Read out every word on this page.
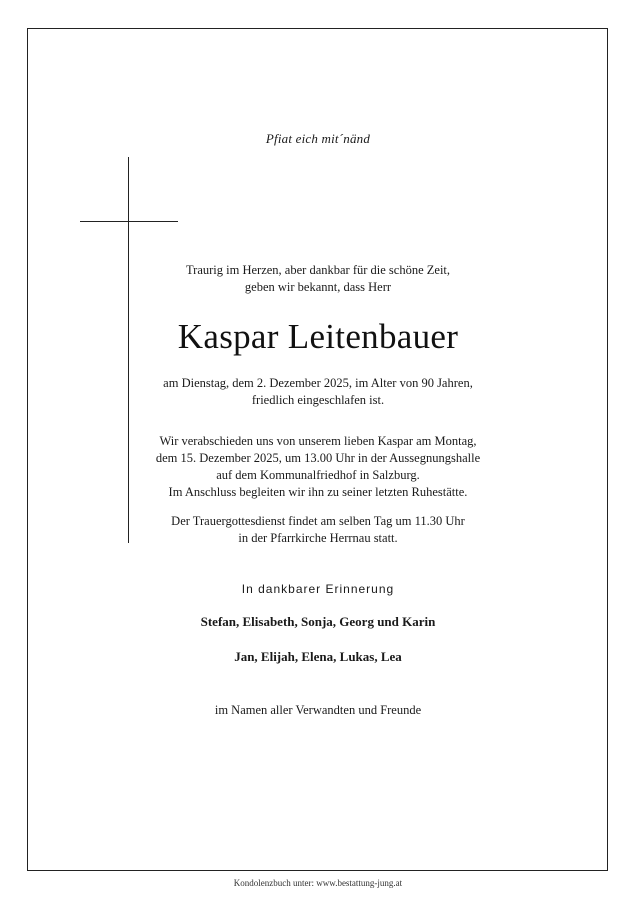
Pfiat eich mit´nänd

Traurig im Herzen, aber dankbar für die schöne Zeit,
geben wir bekannt, dass Herr

Kaspar Leitenbauer

am Dienstag, dem 2. Dezember 2025, im Alter von 90 Jahren,
friedlich eingeschlafen ist.

Wir verabschieden uns von unserem lieben Kaspar am Montag,
dem 15. Dezember 2025, um 13.00 Uhr in der Aussegnungshalle
auf dem Kommunalfriedhof in Salzburg.
Im Anschluss begleiten wir ihn zu seiner letzten Ruhestätte.

Der Trauergottesdienst findet am selben Tag um 11.30 Uhr
in der Pfarrkirche Herrnau statt.

In dankbarer Erinnerung

Stefan, Elisabeth, Sonja, Georg und Karin

Jan, Elijah, Elena, Lukas, Lea

im Namen aller Verwandten und Freunde

Kondolenzbuch unter: www.bestattung-jung.at
